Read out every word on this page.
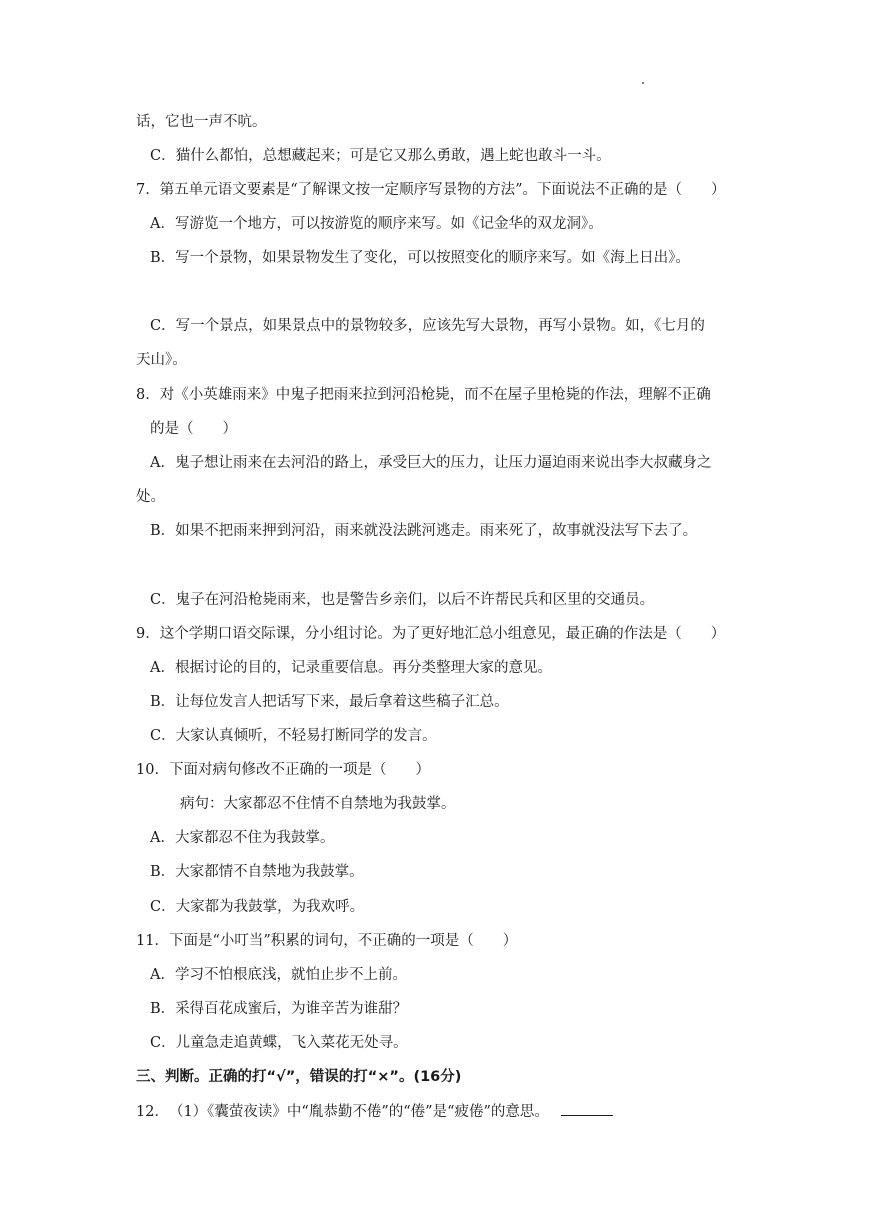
话，它也一声不吭。
C．猫什么都怕，总想藏起来；可是它又那么勇敢，遇上蛇也敢斗一斗。
7．第五单元语文要素是“了解课文按一定顺序写景物的方法”。下面说法不正确的是（　　）
A．写游览一个地方，可以按游览的顺序来写。如《记金华的双龙洞》。
B．写一个景物，如果景物发生了变化，可以按照变化的顺序来写。如《海上日出》。
C．写一个景点，如果景点中的景物较多，应该先写大景物，再写小景物。如，《七月的
天山》。
8．对《小英雄雨来》中鬼子把雨来拉到河沿枪毙，而不在屋子里枪毙的作法，理解不正确
的是（　　）
A．鬼子想让雨来在去河沿的路上，承受巨大的压力，让压力逼迫雨来说出李大叔藏身之
处。
B．如果不把雨来押到河沿，雨来就没法跳河逃走。雨来死了，故事就没法写下去了。
C．鬼子在河沿枪毙雨来，也是警告乡亲们，以后不许帮民兵和区里的交通员。
9．这个学期口语交际课，分小组讨论。为了更好地汇总小组意见，最正确的作法是（　　）
A．根据讨论的目的，记录重要信息。再分类整理大家的意见。
B．让每位发言人把话写下来，最后拿着这些稿子汇总。
C．大家认真倾听，不轻易打断同学的发言。
10．下面对病句修改不正确的一项是（　　）
病句：大家都忍不住情不自禁地为我鼓掌。
A．大家都忍不住为我鼓掌。
B．大家都情不自禁地为我鼓掌。
C．大家都为我鼓掌，为我欢呼。
11．下面是“小叮当”积累的词句，不正确的一项是（　　）
A．学习不怕根底浅，就怕止步不上前。
B．采得百花成蜜后，为谁辛苦为谁甜？
C．儿童急走追黄蝶，飞入菜花无处寻。
三、判断。正确的打“√”，错误的打“×”。(16分)
12．　（1）《囊萤夜读》中“胤恭勤不倦”的“倦”是“疲倦”的意思。
